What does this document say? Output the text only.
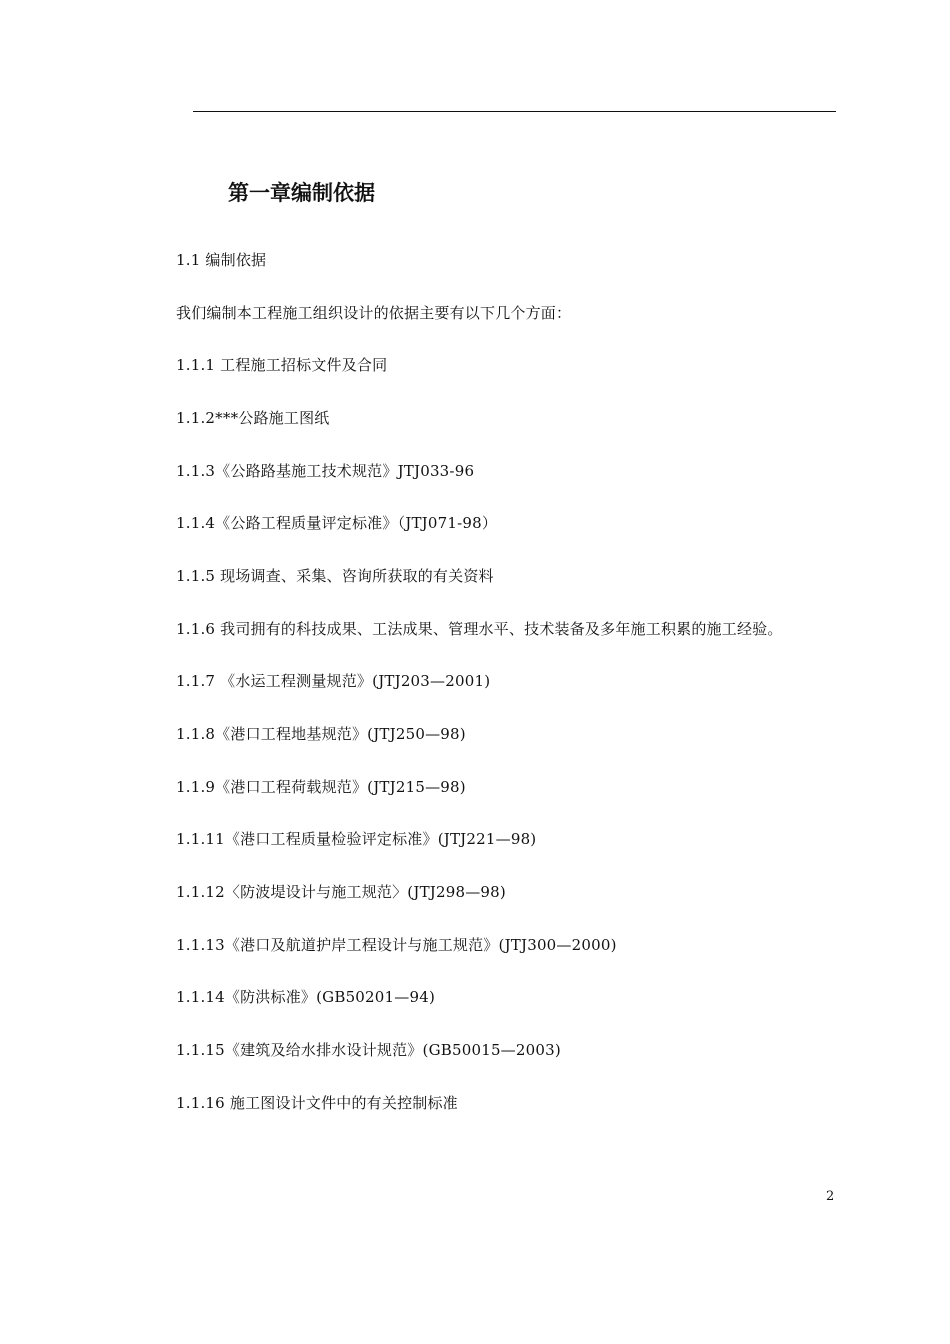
第一章编制依据
1.1 编制依据
我们编制本工程施工组织设计的依据主要有以下几个方面：
1.1.1 工程施工招标文件及合同
1.1.2***公路施工图纸
1.1.3《公路路基施工技术规范》JTJ033-96
1.1.4《公路工程质量评定标准》（JTJ071-98）
1.1.5 现场调查、采集、咨询所获取的有关资料
1.1.6 我司拥有的科技成果、工法成果、管理水平、技术装备及多年施工积累的施工经验。
1.1.7 《水运工程测量规范》(JTJ203—2001)
1.1.8《港口工程地基规范》(JTJ250—98)
1.1.9《港口工程荷载规范》(JTJ215—98)
1.1.11《港口工程质量检验评定标准》(JTJ221—98)
1.1.12〈防波堤设计与施工规范〉(JTJ298—98)
1.1.13《港口及航道护岸工程设计与施工规范》(JTJ300—2000)
1.1.14《防洪标准》(GB50201—94)
1.1.15《建筑及给水排水设计规范》(GB50015—2003)
1.1.16 施工图设计文件中的有关控制标准
2
